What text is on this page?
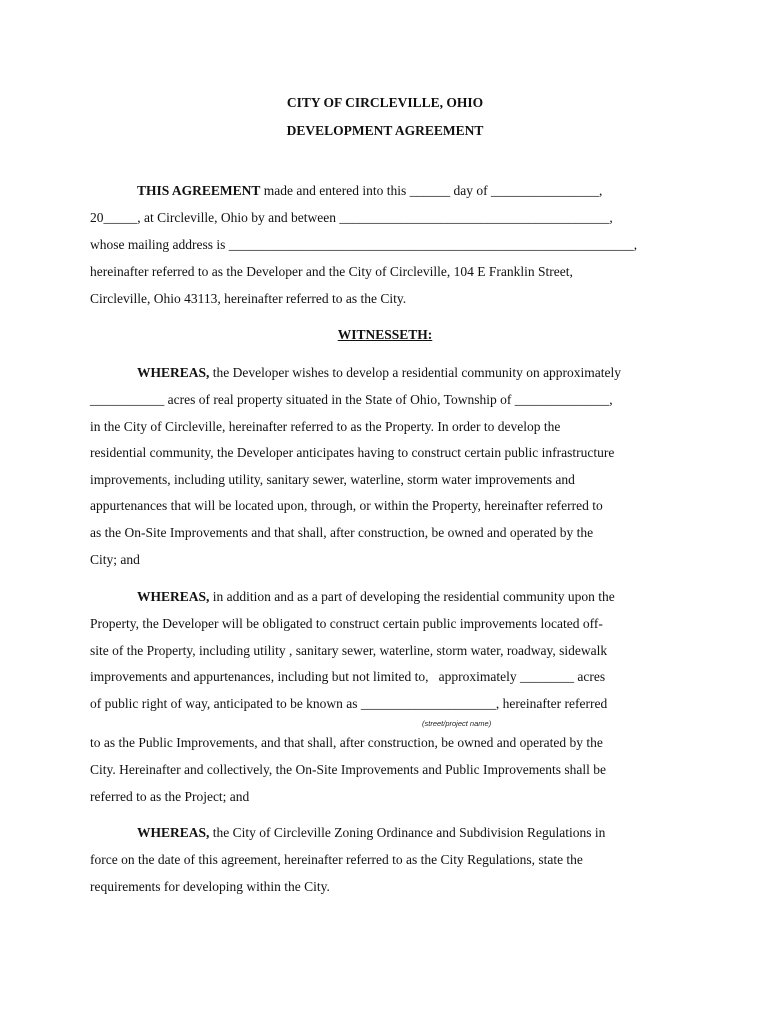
CITY OF CIRCLEVILLE, OHIO
DEVELOPMENT AGREEMENT
THIS AGREEMENT made and entered into this ______ day of ________________,
20_____, at Circleville, Ohio by and between ________________________________________,
whose mailing address is ____________________________________________________________,
hereinafter referred to as the Developer and the City of Circleville, 104 E Franklin Street,
Circleville, Ohio 43113, hereinafter referred to as the City.
WITNESSETH:
WHEREAS, the Developer wishes to develop a residential community on approximately
___________ acres of real property situated in the State of Ohio, Township of ______________,
in the City of Circleville, hereinafter referred to as the Property. In order to develop the
residential community, the Developer anticipates having to construct certain public infrastructure
improvements, including utility, sanitary sewer, waterline, storm water improvements and
appurtenances that will be located upon, through, or within the Property, hereinafter referred to
as the On-Site Improvements and that shall, after construction, be owned and operated by the
City; and
WHEREAS, in addition and as a part of developing the residential community upon the
Property, the Developer will be obligated to construct certain public improvements located off-
site of the Property, including utility , sanitary sewer, waterline, storm water, roadway, sidewalk
improvements and appurtenances, including but not limited to,   approximately ________ acres
of public right of way, anticipated to be known as ____________________, hereinafter referred
(street/project name)
to as the Public Improvements, and that shall, after construction, be owned and operated by the
City. Hereinafter and collectively, the On-Site Improvements and Public Improvements shall be
referred to as the Project; and
WHEREAS, the City of Circleville Zoning Ordinance and Subdivision Regulations in
force on the date of this agreement, hereinafter referred to as the City Regulations, state the
requirements for developing within the City.
